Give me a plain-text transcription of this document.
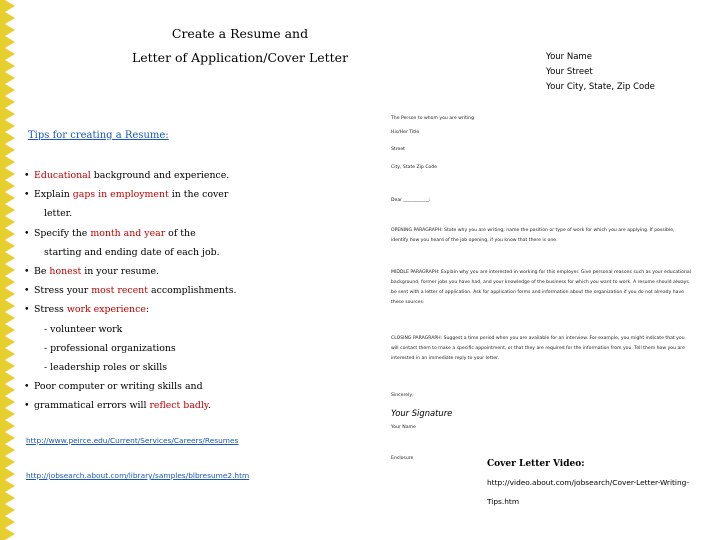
Create a Resume and
Letter of Application/Cover Letter	Your Name
Your Street
Your City, State, Zip Code
Tips for creating a Resume:
• Educational background and experience.
• Explain gaps in employment in the cover
letter.
• Specify the month and year of the
starting and ending date of each job.
• Be honest in your resume.
• Stress your most recent accomplishments.
• Stress work experience:
- volunteer work
- professional organizations
- leadership roles or skills
• Poor computer or writing skills and
• grammatical errors will reflect badly.
http://www.peirce.edu/Current/Services/Careers/Resumes
http://jobsearch.about.com/library/samples/blbresume2.htm
The Person to whom you are writing
His/Her Title
Street
City, State Zip Code
Dear ___________:
OPENING PARAGRAPH: State why you are writing; name the position or type of work for which you are applying. If possible, identify how you heard of the job opening, if you know that there is one.
MIDDLE PARAGRAPH: Explain why you are interested in working for this employer. Give personal reasons such as your educational background, former jobs you have had, and your knowledge of the business for which you want to work. A resume should always be sent with a letter of application. Ask for application forms and information about the organization if you do not already have these sources.
CLOSING PARAGRAPH: Suggest a time period when you are available for an interview. For example, you might indicate that you will contact them to make a specific appointment, or that they are required for the information from you. Tell them how you are interested in an immediate reply to your letter.
Sincerely,
Your Signature
Your Name
Enclosure
Cover Letter Video:
http://video.about.com/jobsearch/Cover-Letter-Writing-Tips.htm
